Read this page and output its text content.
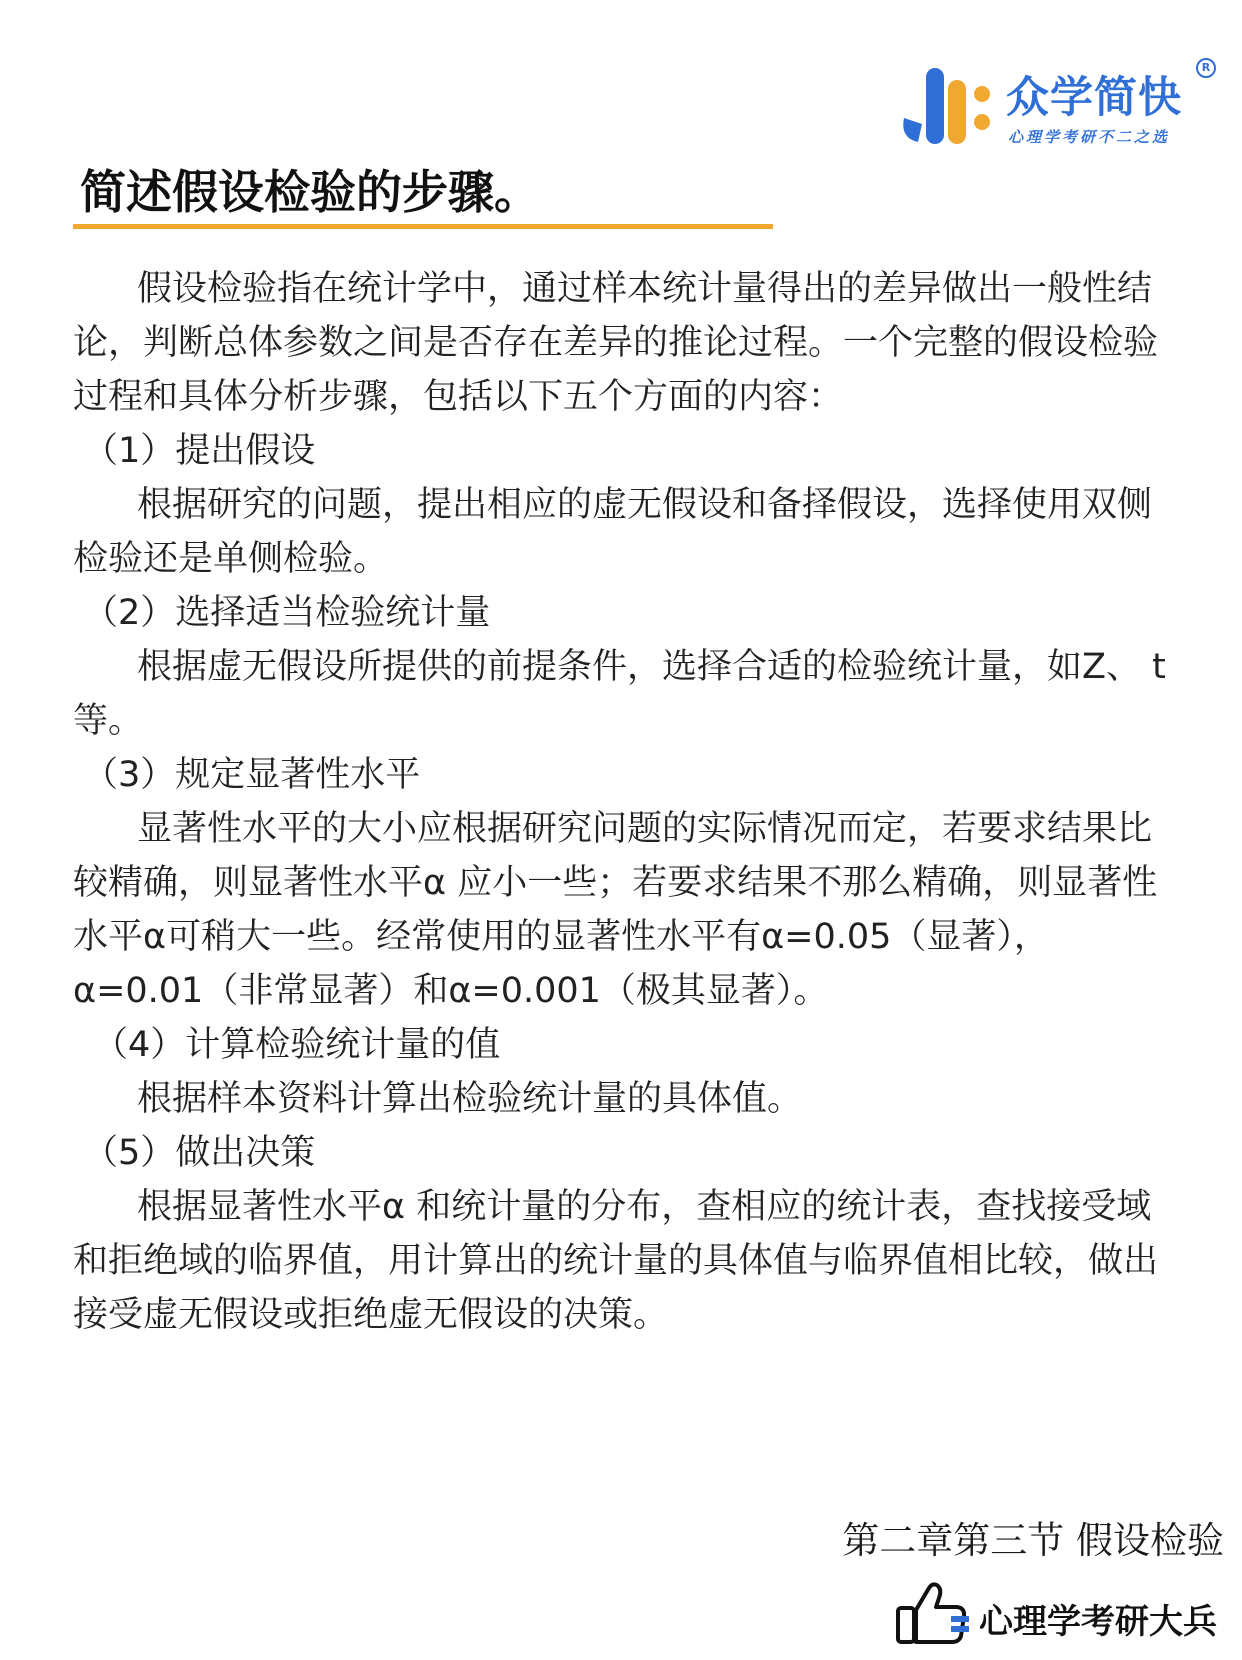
众学简快
R
心理学考研不二之选
简述假设检验的步骤。

假设检验指在统计学中，通过样本统计量得出的差异做出一般性结论，判断总体参数之间是否存在差异的推论过程。一个完整的假设检验过程和具体分析步骤，包括以下五个方面的内容：

（1）提出假设

根据研究的问题，提出相应的虚无假设和备择假设，选择使用双侧检验还是单侧检验。

（2）选择适当检验统计量

根据虚无假设所提供的前提条件，选择合适的检验统计量，如Z、 t 等。

（3）规定显著性水平

显著性水平的大小应根据研究问题的实际情况而定，若要求结果比较精确，则显著性水平α 应小一些；若要求结果不那么精确，则显著性水平α可稍大一些。经常使用的显著性水平有α=0.05（显著），α=0.01（非常显著）和α=0.001（极其显著）。

（4）计算检验统计量的值

根据样本资料计算出检验统计量的具体值。

（5）做出决策

根据显著性水平α 和统计量的分布，查相应的统计表，查找接受域和拒绝域的临界值，用计算出的统计量的具体值与临界值相比较，做出接受虚无假设或拒绝虚无假设的决策。

第二章第三节 假设检验
心理学考研大兵
